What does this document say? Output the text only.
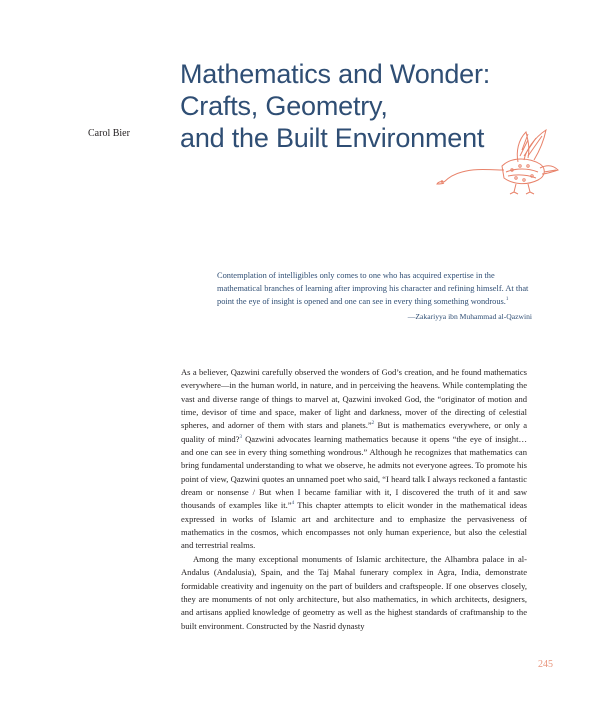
Mathematics and Wonder:
Crafts, Geometry,
and the Built Environment
Carol Bier

Contemplation of intelligibles only comes to one who has acquired expertise in the mathematical branches of learning after improving his character and refining himself. At that point the eye of insight is opened and one can see in every thing something wondrous.$^1$

—Zakariyya ibn Muhammad al-Qazwini

As a believer, Qazwini carefully observed the wonders of God’s creation, and he found mathematics everywhere—in the human world, in nature, and in perceiving the heavens. While contemplating the vast and diverse range of things to marvel at, Qazwini invoked God, the “originator of motion and time, devisor of time and space, maker of light and darkness, mover of the directing of celestial spheres, and adorner of them with stars and planets.”$^2$ But is mathematics everywhere, or only a quality of mind?$^3$ Qazwini advocates learning mathematics because it opens “the eye of insight… and one can see in every thing something wondrous.” Although he recognizes that mathematics can bring fundamental understanding to what we observe, he admits not everyone agrees. To promote his point of view, Qazwini quotes an unnamed poet who said, “I heard talk I always reckoned a fantastic dream or nonsense / But when I became familiar with it, I discovered the truth of it and saw thousands of examples like it.”$^4$ This chapter attempts to elicit wonder in the mathematical ideas expressed in works of Islamic art and architecture and to emphasize the pervasiveness of mathematics in the cosmos, which encompasses not only human experience, but also the celestial and terrestrial realms.

Among the many exceptional monuments of Islamic architecture, the Alhambra palace in al-Andalus (Andalusia), Spain, and the Taj Mahal funerary complex in Agra, India, demonstrate formidable creativity and ingenuity on the part of builders and craftspeople. If one observes closely, they are monuments of not only architecture, but also mathematics, in which architects, designers, and artisans applied knowledge of geometry as well as the highest standards of craftmanship to the built environment. Constructed by the Nasrid dynasty

245
